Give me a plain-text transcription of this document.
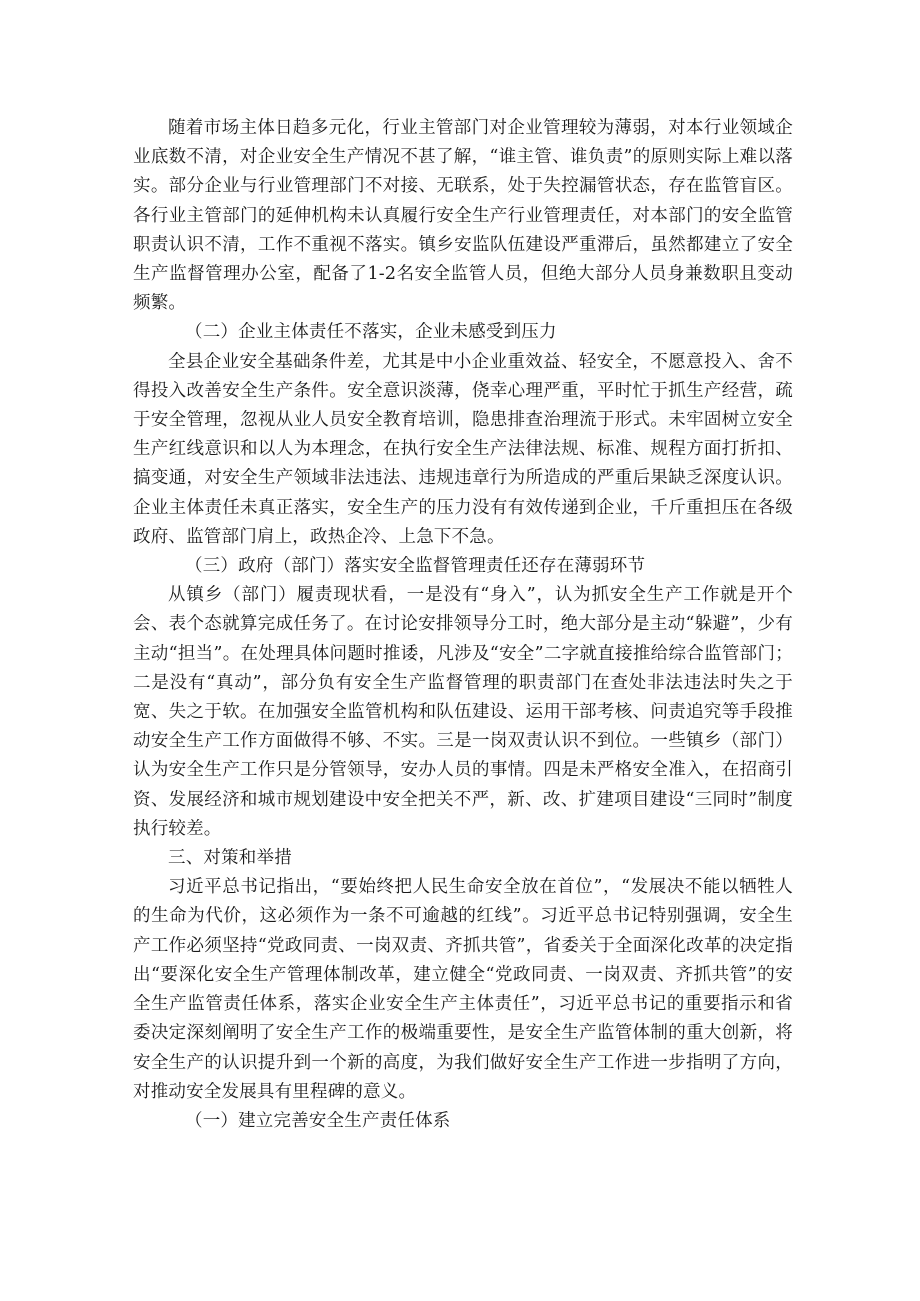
随着市场主体日趋多元化，行业主管部门对企业管理较为薄弱，对本行业领域企业底数不清，对企业安全生产情况不甚了解，“谁主管、谁负责”的原则实际上难以落实。部分企业与行业管理部门不对接、无联系，处于失控漏管状态，存在监管盲区。各行业主管部门的延伸机构未认真履行安全生产行业管理责任，对本部门的安全监管职责认识不清，工作不重视不落实。镇乡安监队伍建设严重滞后，虽然都建立了安全生产监督管理办公室，配备了1-2名安全监管人员，但绝大部分人员身兼数职且变动频繁。

（二）企业主体责任不落实，企业未感受到压力

全县企业安全基础条件差，尤其是中小企业重效益、轻安全，不愿意投入、舍不得投入改善安全生产条件。安全意识淡薄，侥幸心理严重，平时忙于抓生产经营，疏于安全管理，忽视从业人员安全教育培训，隐患排查治理流于形式。未牢固树立安全生产红线意识和以人为本理念，在执行安全生产法律法规、标准、规程方面打折扣、搞变通，对安全生产领域非法违法、违规违章行为所造成的严重后果缺乏深度认识。企业主体责任未真正落实，安全生产的压力没有有效传递到企业，千斤重担压在各级政府、监管部门肩上，政热企冷、上急下不急。

（三）政府（部门）落实安全监督管理责任还存在薄弱环节

从镇乡（部门）履责现状看，一是没有“身入”，认为抓安全生产工作就是开个会、表个态就算完成任务了。在讨论安排领导分工时，绝大部分是主动“躲避”，少有主动“担当”。在处理具体问题时推诿，凡涉及“安全”二字就直接推给综合监管部门；二是没有“真动”，部分负有安全生产监督管理的职责部门在查处非法违法时失之于宽、失之于软。在加强安全监管机构和队伍建设、运用干部考核、问责追究等手段推动安全生产工作方面做得不够、不实。三是一岗双责认识不到位。一些镇乡（部门）认为安全生产工作只是分管领导，安办人员的事情。四是未严格安全准入，在招商引资、发展经济和城市规划建设中安全把关不严，新、改、扩建项目建设“三同时”制度执行较差。

三、对策和举措

习近平总书记指出，“要始终把人民生命安全放在首位”，“发展决不能以牺牲人的生命为代价，这必须作为一条不可逾越的红线”。习近平总书记特别强调，安全生产工作必须坚持“党政同责、一岗双责、齐抓共管”，省委关于全面深化改革的决定指出“要深化安全生产管理体制改革，建立健全“党政同责、一岗双责、齐抓共管”的安全生产监管责任体系，落实企业安全生产主体责任”，习近平总书记的重要指示和省委决定深刻阐明了安全生产工作的极端重要性，是安全生产监管体制的重大创新，将安全生产的认识提升到一个新的高度，为我们做好安全生产工作进一步指明了方向，对推动安全发展具有里程碑的意义。

（一）建立完善安全生产责任体系
